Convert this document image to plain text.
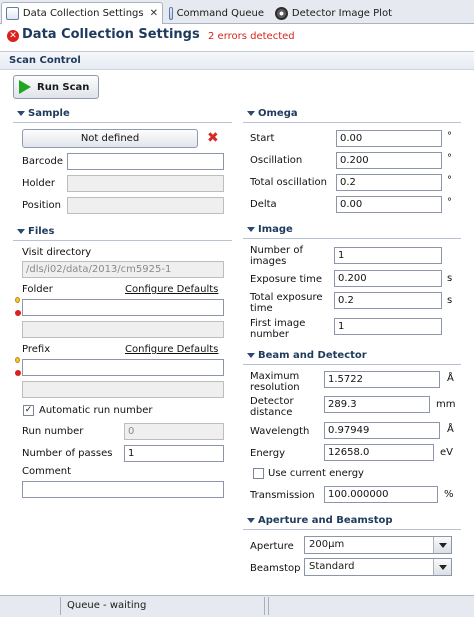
Data Collection Settings ✕ Command Queue	Detector Image Plot
✕ Data Collection Settings 2 errors detected
Scan Control
Run Scan
Sample
Not defined	✖
Barcode
Holder
Position
Files
Visit directory
/dls/i02/data/2013/cm5925-1
Folder	Configure Defaults
Prefix	Configure Defaults
✓ Automatic run number
Run number	0
Number of passes	1
Comment
Omega
Start	0.00	°
Oscillation	0.200	°
Total oscillation	0.2	°
Delta	0.00	°
Image
Number of
images
1
Exposure time	0.200	s
Total exposure
time
0.2	s
First image
number
1
Beam and Detector
Maximum
resolution
1.5722	Å
Detector
distance
289.3	mm
Wavelength	0.97949	Å
Energy	12658.0	eV
Use current energy
Transmission	100.000000	%
Aperture and Beamstop
Aperture	200µm
Beamstop Standard
Queue - waiting
